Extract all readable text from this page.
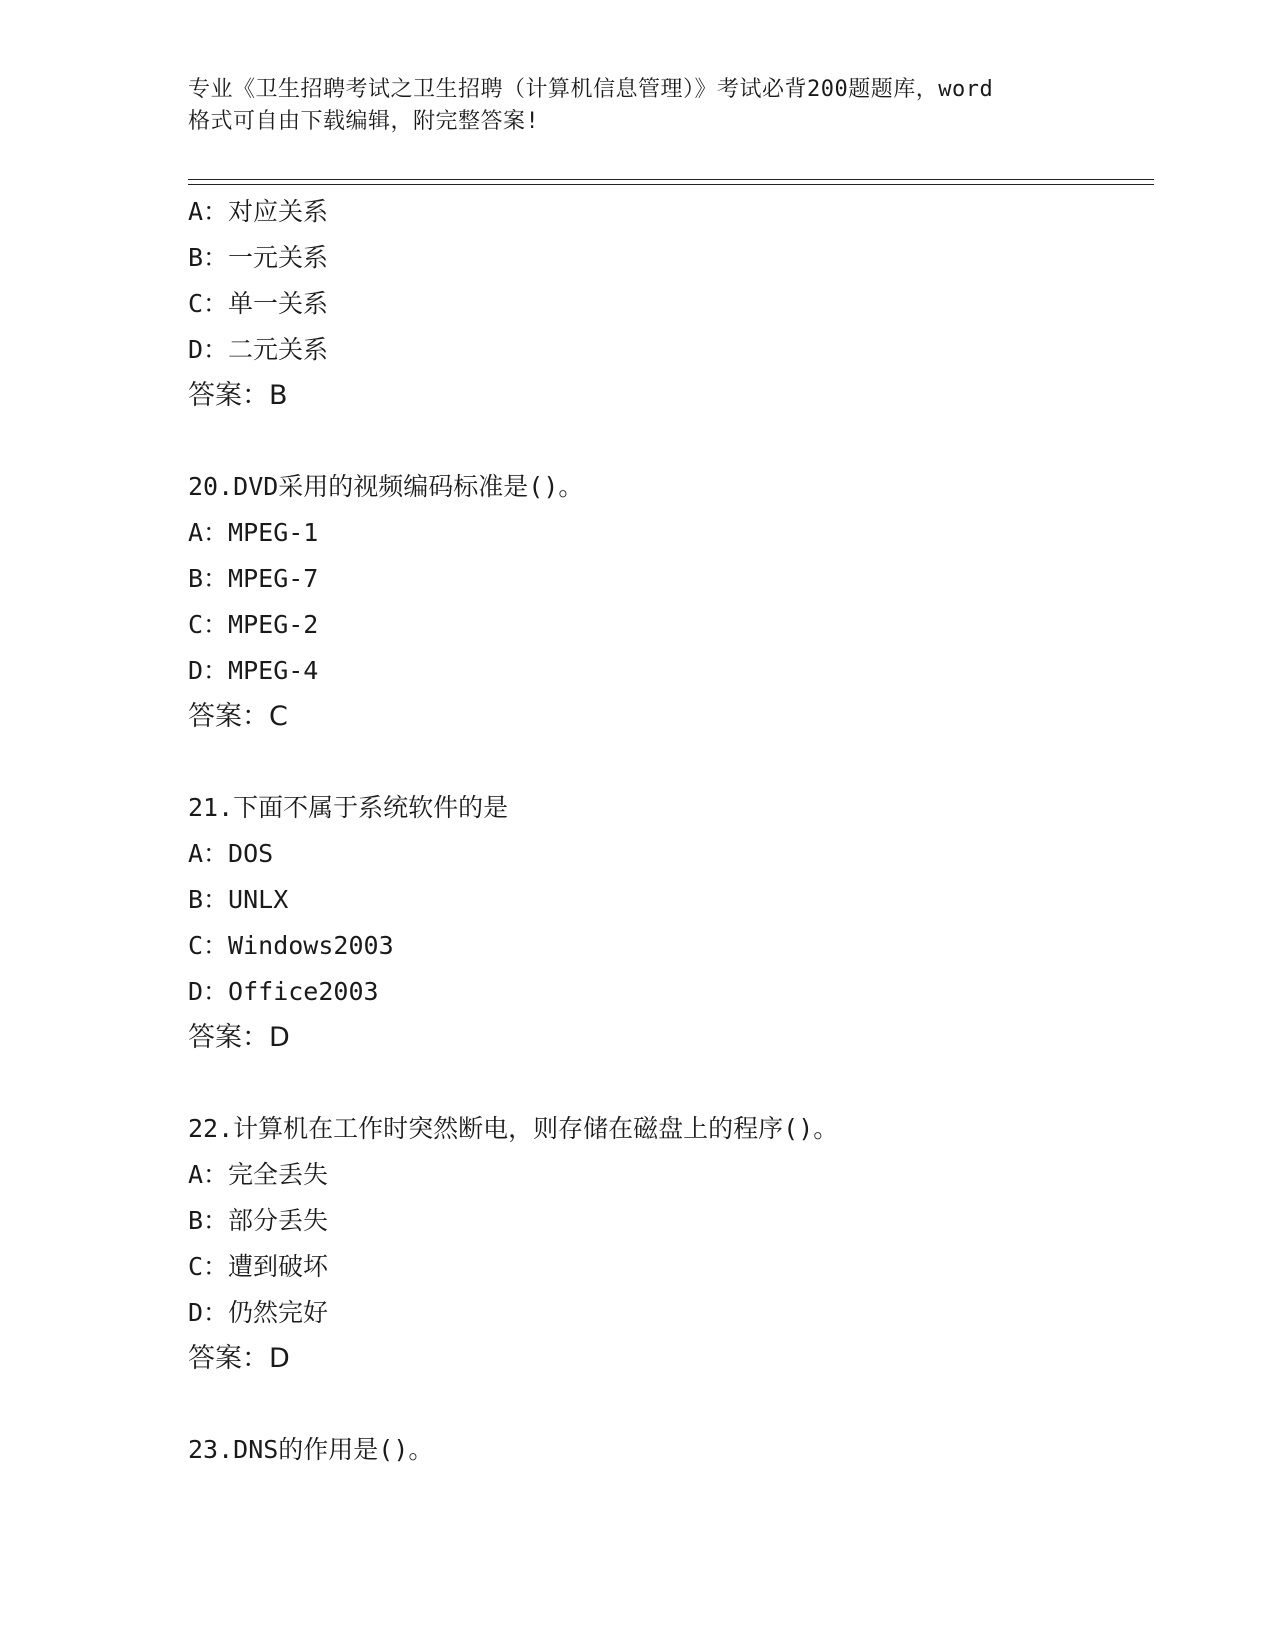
专业《卫生招聘考试之卫生招聘（计算机信息管理）》考试必背200题题库，word
格式可自由下载编辑，附完整答案!
A：对应关系
B：一元关系
C：单一关系
D：二元关系
答案：B
20.DVD采用的视频编码标准是()。
A：MPEG-1
B：MPEG-7
C：MPEG-2
D：MPEG-4
答案：C
21.下面不属于系统软件的是
A：DOS
B：UNLX
C：Windows2003
D：Office2003
答案：D
22.计算机在工作时突然断电，则存储在磁盘上的程序()。
A：完全丢失
B：部分丢失
C：遭到破坏
D：仍然完好
答案：D
23.DNS的作用是()。
